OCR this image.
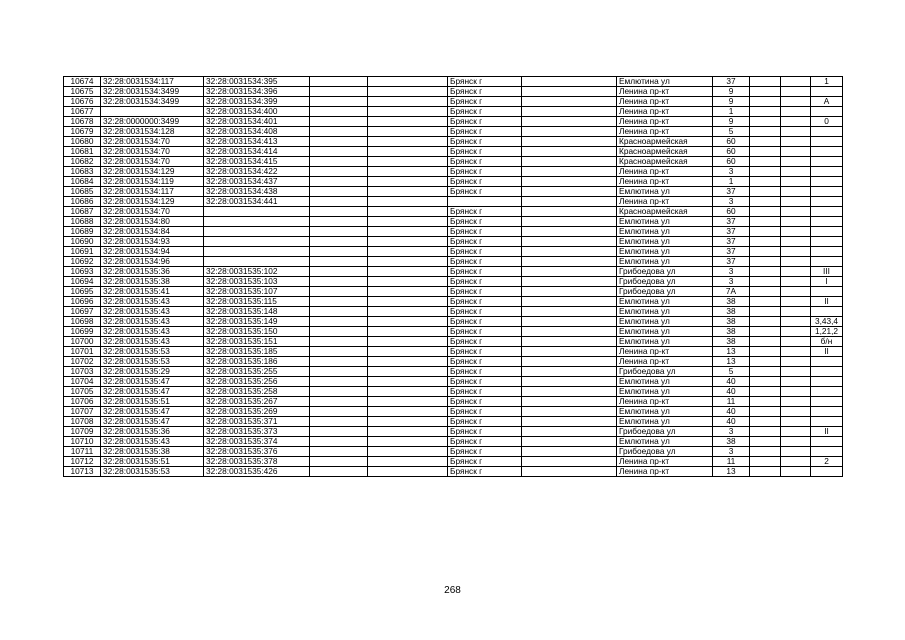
10674	32:28:0031534:117	32:28:0031534:395			Брянск г		Емлютина ул	37			1
10675	32:28:0031534:3499	32:28:0031534:396			Брянск г		Ленина пр-кт	9			
10676	32:28:0031534:3499	32:28:0031534:399			Брянск г		Ленина пр-кт	9			А
10677		32:28:0031534:400			Брянск г		Ленина пр-кт	1			
10678	32:28:0000000:3499	32:28:0031534:401			Брянск г		Ленина пр-кт	9			0
10679	32:28:0031534:128	32:28:0031534:408			Брянск г		Ленина пр-кт	5			
10680	32:28:0031534:70	32:28:0031534:413			Брянск г		Красноармейская	60			
10681	32:28:0031534:70	32:28:0031534:414			Брянск г		Красноармейская	60			
10682	32:28:0031534:70	32:28:0031534:415			Брянск г		Красноармейская	60			
10683	32:28:0031534:129	32:28:0031534:422			Брянск г		Ленина пр-кт	3			
10684	32:28:0031534:119	32:28:0031534:437			Брянск г		Ленина пр-кт	1			
10685	32:28:0031534:117	32:28:0031534:438			Брянск г		Емлютина ул	37			
10686	32:28:0031534:129	32:28:0031534:441					Ленина пр-кт	3			
10687	32:28:0031534:70				Брянск г		Красноармейская	60			
10688	32:28:0031534:80				Брянск г		Емлютина ул	37			
10689	32:28:0031534:84				Брянск г		Емлютина ул	37			
10690	32:28:0031534:93				Брянск г		Емлютина ул	37			
10691	32:28:0031534:94				Брянск г		Емлютина ул	37			
10692	32:28:0031534:96				Брянск г		Емлютина ул	37			
10693	32:28:0031535:36	32:28:0031535:102			Брянск г		Грибоедова ул	3			III
10694	32:28:0031535:38	32:28:0031535:103			Брянск г		Грибоедова ул	3			I
10695	32:28:0031535:41	32:28:0031535:107			Брянск г		Грибоедова ул	7А			
10696	32:28:0031535:43	32:28:0031535:115			Брянск г		Емлютина ул	38			II
10697	32:28:0031535:43	32:28:0031535:148			Брянск г		Емлютина ул	38			
10698	32:28:0031535:43	32:28:0031535:149			Брянск г		Емлютина ул	38			3,43,4
10699	32:28:0031535:43	32:28:0031535:150			Брянск г		Емлютина ул	38			1,21,2
10700	32:28:0031535:43	32:28:0031535:151			Брянск г		Емлютина ул	38			б/н
10701	32:28:0031535:53	32:28:0031535:185			Брянск г		Ленина пр-кт	13			II
10702	32:28:0031535:53	32:28:0031535:186			Брянск г		Ленина пр-кт	13			
10703	32:28:0031535:29	32:28:0031535:255			Брянск г		Грибоедова ул	5			
10704	32:28:0031535:47	32:28:0031535:256			Брянск г		Емлютина ул	40			
10705	32:28:0031535:47	32:28:0031535:258			Брянск г		Емлютина ул	40			
10706	32:28:0031535:51	32:28:0031535:267			Брянск г		Ленина пр-кт	11			
10707	32:28:0031535:47	32:28:0031535:269			Брянск г		Емлютина ул	40			
10708	32:28:0031535:47	32:28:0031535:371			Брянск г		Емлютина ул	40			
10709	32:28:0031535:36	32:28:0031535:373			Брянск г		Грибоедова ул	3			II
10710	32:28:0031535:43	32:28:0031535:374			Брянск г		Емлютина ул	38			
10711	32:28:0031535:38	32:28:0031535:376			Брянск г		Грибоедова ул	3			
10712	32:28:0031535:51	32:28:0031535:378			Брянск г		Ленина пр-кт	11			2
10713	32:28:0031535:53	32:28:0031535:426			Брянск г		Ленина пр-кт	13			
268
